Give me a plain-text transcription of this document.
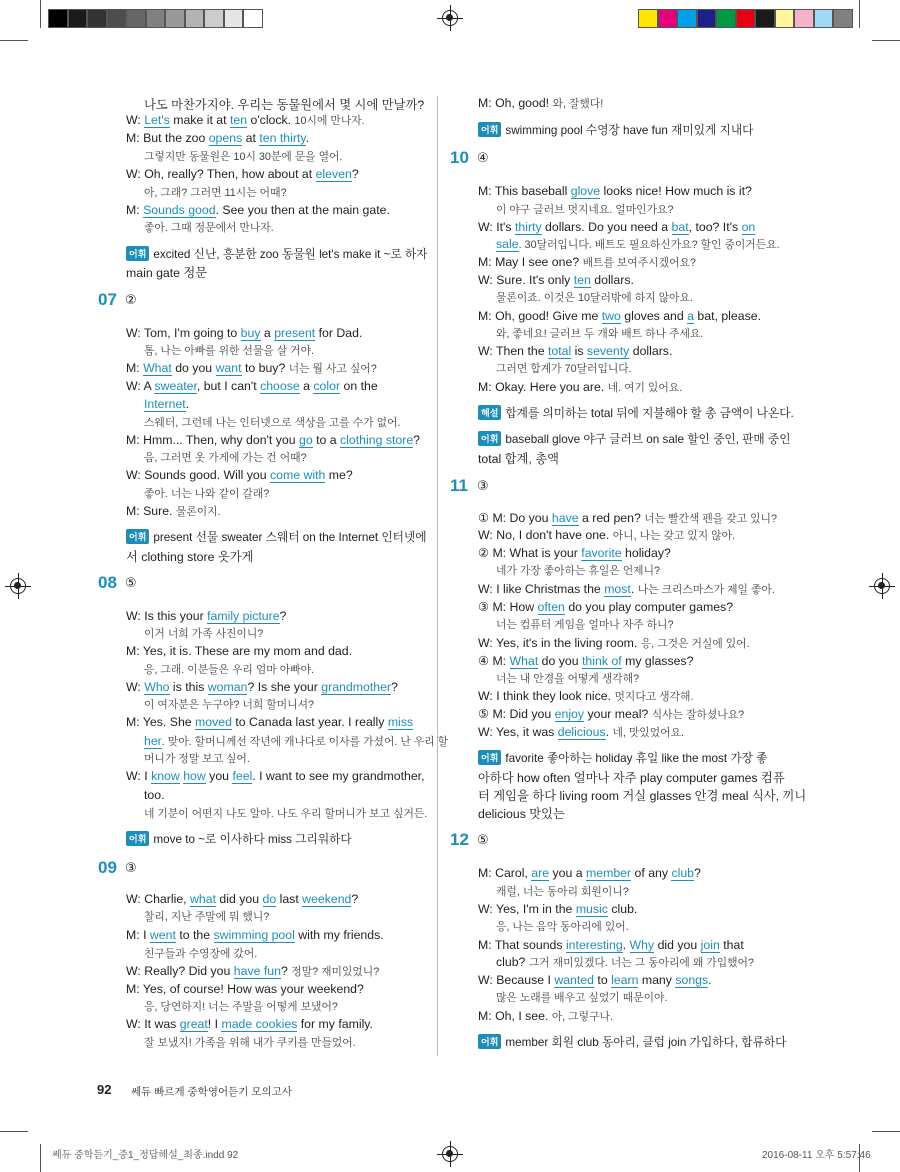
나도 마찬가지야. 우리는 동물원에서 몇 시에 만날까?
W: Let's make it at ten o'clock. 10시에 만나자.
M: But the zoo opens at ten thirty.
그렇지만 동물원은 10시 30분에 문을 열어.
W: Oh, really? Then, how about at eleven?
아, 그래? 그러면 11시는 어때?
M: Sounds good. See you then at the main gate.
좋아. 그때 정문에서 만나자.
어휘 excited 신난, 흥분한 zoo 동물원 let's make it ~로 하자
main gate 정문
W: Tom, I'm going to buy a present for Dad.
톰, 나는 아빠를 위한 선물을 살 거야.
M: What do you want to buy? 너는 뭘 사고 싶어?
W: A sweater, but I can't choose a color on the
Internet.
스웨터, 그런데 나는 인터넷으로 색상을 고를 수가 없어.
M: Hmm... Then, why don't you go to a clothing store?
음, 그러면 옷 가게에 가는 건 어때?
W: Sounds good. Will you come with me?
좋아. 너는 나와 같이 갈래?
M: Sure. 물론이지.
어휘 present 선물 sweater 스웨터 on the Internet 인터넷에
서 clothing store 옷가게
W: Is this your family picture?
이거 너희 가족 사진이니?
M: Yes, it is. These are my mom and dad.
응, 그래. 이분들은 우리 엄마 아빠야.
W: Who is this woman? Is she your grandmother?
이 여자분은 누구야? 너희 할머니셔?
M: Yes. She moved to Canada last year. I really miss
her. 맞아. 할머니께선 작년에 캐나다로 이사를 가셨어. 난 우리 할
머니가 정말 보고 싶어.
W: I know how you feel. I want to see my grandmother,
too.
네 기분이 어떤지 나도 알아. 나도 우리 할머니가 보고 싶거든.
어휘 move to ~로 이사하다 miss 그리워하다
W: Charlie, what did you do last weekend?
찰리, 지난 주말에 뭐 했니?
M: I went to the swimming pool with my friends.
친구들과 수영장에 갔어.
W: Really? Did you have fun? 정말? 재미있었니?
M: Yes, of course! How was your weekend?
응, 당연하지! 너는 주말을 어떻게 보냈어?
W: It was great! I made cookies for my family.
잘 보냈지! 가족을 위해 내가 쿠키를 만들었어.
07 ②
08 ⑤
09 ③
M: Oh, good! 와, 잘했다!
어휘 swimming pool 수영장 have fun 재미있게 지내다
M: This baseball glove looks nice! How much is it?
이 야구 글러브 멋지네요. 얼마인가요?
W: It's thirty dollars. Do you need a bat, too? It's on
sale. 30달러입니다. 배트도 필요하신가요? 할인 중이거든요.
M: May I see one? 배트를 보여주시겠어요?
W: Sure. It's only ten dollars.
물론이죠. 이것은 10달러밖에 하지 않아요.
M: Oh, good! Give me two gloves and a bat, please.
와, 좋네요! 글러브 두 개와 배트 하나 주세요.
W: Then the total is seventy dollars.
그러면 합계가 70달러입니다.
M: Okay. Here you are. 네. 여기 있어요.
해설 합계를 의미하는 total 뒤에 지불해야 할 총 금액이 나온다.
어휘 baseball glove 야구 글러브 on sale 할인 중인, 판매 중인
total 합계, 총액
① M: Do you have a red pen? 너는 빨간색 펜을 갖고 있니?
W: No, I don't have one. 아니, 나는 갖고 있지 않아.
② M: What is your favorite holiday?
네가 가장 좋아하는 휴일은 언제니?
W: I like Christmas the most. 나는 크리스마스가 제일 좋아.
③ M: How often do you play computer games?
너는 컴퓨터 게임을 얼마나 자주 하니?
W: Yes, it's in the living room. 응, 그것은 거실에 있어.
④ M: What do you think of my glasses?
너는 내 안경을 어떻게 생각해?
W: I think they look nice. 멋지다고 생각해.
⑤ M: Did you enjoy your meal? 식사는 잘하셨나요?
W: Yes, it was delicious. 네, 맛있었어요.
어휘 favorite 좋아하는 holiday 휴일 like the most 가장 좋
아하다 how often 얼마나 자주 play computer games 컴퓨
터 게임을 하다 living room 거실 glasses 안경 meal 식사, 끼니
delicious 맛있는
M: Carol, are you a member of any club?
캐럴, 너는 동아리 회원이니?
W: Yes, I'm in the music club.
응, 나는 음악 동아리에 있어.
M: That sounds interesting. Why did you join that
club? 그거 재미있겠다. 너는 그 동아리에 왜 가입했어?
W: Because I wanted to learn many songs.
많은 노래를 배우고 싶었기 때문이야.
M: Oh, I see. 아, 그렇구나.
어휘 member 회원 club 동아리, 클럽 join 가입하다, 합류하다
10 ④
11 ③
12 ⑤
92 쎄듀 빠르게 중학영어듣기 모의고사
쎄듀 중학듣기_중1_정답해설_최종.indd 92	2016-08-11 오후 5:57:46
